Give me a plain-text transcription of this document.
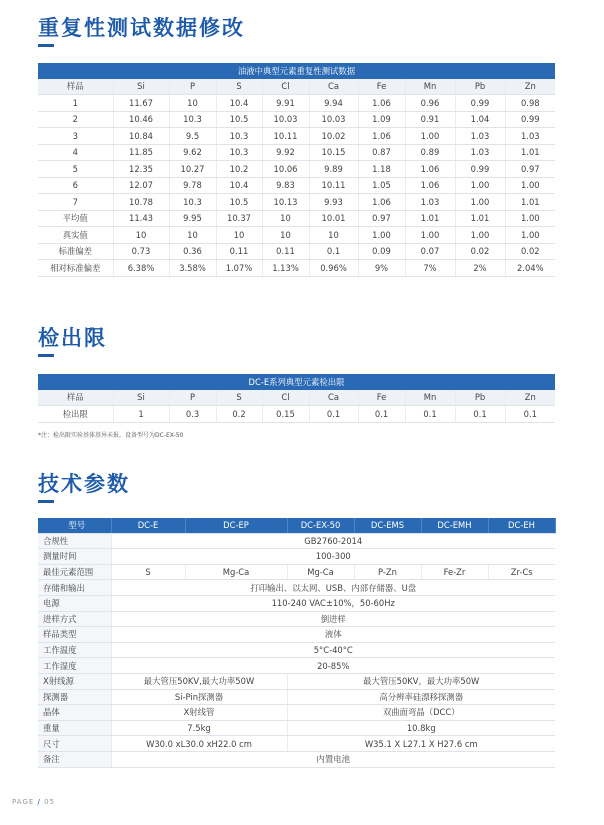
重复性测试数据修改
油液中典型元素重复性测试数据									
样品	Si	P	S	Cl	Ca	Fe	Mn	Pb	Zn
1	11.67	10	10.4	9.91	9.94	1.06	0.96	0.99	0.98
2	10.46	10.3	10.5	10.03	10.03	1.09	0.91	1.04	0.99
3	10.84	9.5	10.3	10.11	10.02	1.06	1.00	1.03	1.03
4	11.85	9.62	10.3	9.92	10.15	0.87	0.89	1.03	1.01
5	12.35	10.27	10.2	10.06	9.89	1.18	1.06	0.99	0.97
6	12.07	9.78	10.4	9.83	10.11	1.05	1.06	1.00	1.00
7	10.78	10.3	10.5	10.13	9.93	1.06	1.03	1.00	1.01
平均值	11.43	9.95	10.37	10	10.01	0.97	1.01	1.01	1.00
真实值	10	10	10	10	10	1.00	1.00	1.00	1.00
标准偏差	0.73	0.36	0.11	0.11	0.1	0.09	0.07	0.02	0.02
相对标准偏差	6.38%	3.58%	1.07%	1.13%	0.96%	9%	7%	2%	2.04%

检出限
DC-E系列典型元素检出限									
样品	Si	P	S	Cl	Ca	Fe	Mn	Pb	Zn
检出限	1	0.3	0.2	0.15	0.1	0.1	0.1	0.1	0.1

*注：检出限实验基体基异未报，设备型号为DC-EX-50

技术参数
型号	DC-E	DC-EP	DC-EX-50	DC-EMS	DC-EMH	DC-EH
合规性	GB2760-2014					
测量时间	100-300					
最佳元素范围	S	Mg-Ca	Mg-Ca	P-Zn	Fe-Zr	Zr-Cs
存储和输出	打印输出、以太网、USB、内部存储器、U盘					
电源	110-240 VAC±10%，50-60Hz					
进样方式	倒进样					
样品类型	液体					
工作温度	5°C-40°C					
工作湿度	20-85%					
X射线源	最大管压50KV,最大功率50W		最大管压50KV，最大功率50W			
探测器	Si-Pin探测器		高分辨率硅漂移探测器			
晶体	X射线管		双曲面弯晶（DCC）			
重量	7.5kg		10.8kg			
尺寸	W30.0 xL30.0 xH22.0 cm		W35.1 X L27.1 X H27.6 cm			
备注	内置电池					
PAGE / 05
